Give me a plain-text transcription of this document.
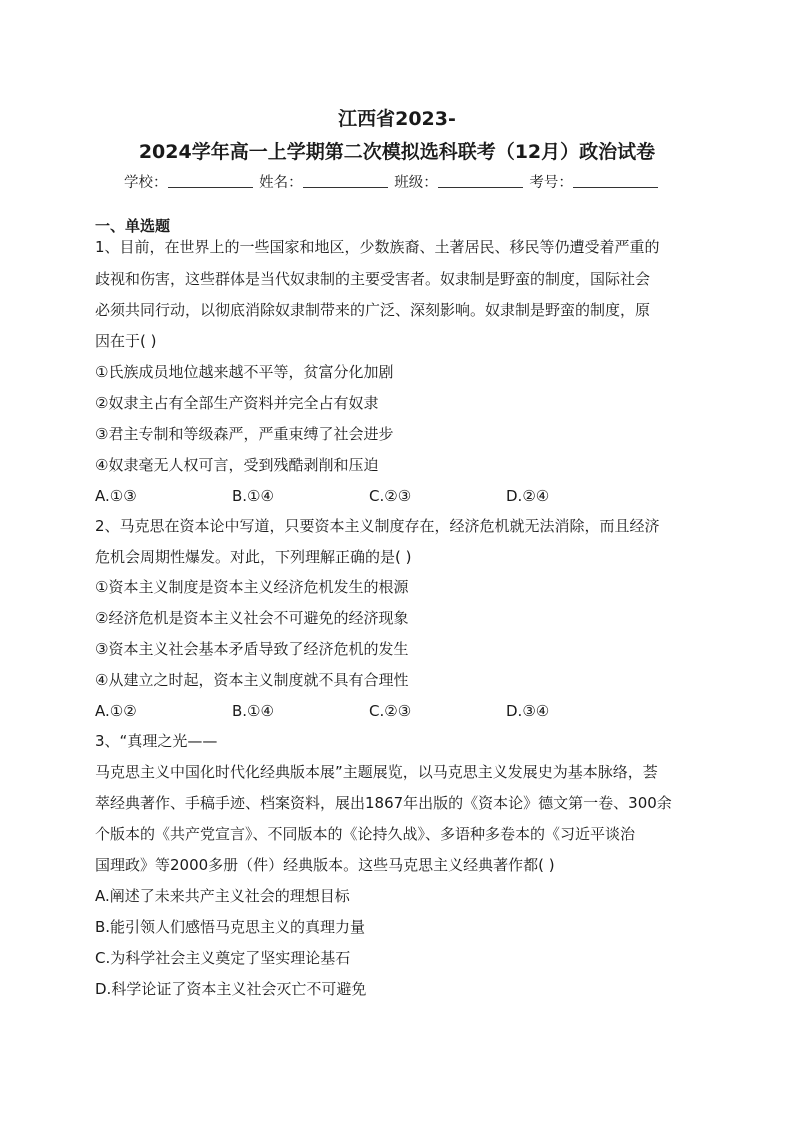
江西省2023-
2024学年高一上学期第二次模拟选科联考（12月）政治试卷
学校：	姓名：	班级：	考号：
一、单选题
1、目前，在世界上的一些国家和地区，少数族裔、土著居民、移民等仍遭受着严重的
歧视和伤害，这些群体是当代奴隶制的主要受害者。奴隶制是野蛮的制度，国际社会
必须共同行动，以彻底消除奴隶制带来的广泛、深刻影响。奴隶制是野蛮的制度，原
因在于( )
①氏族成员地位越来越不平等，贫富分化加剧
②奴隶主占有全部生产资料并完全占有奴隶
③君主专制和等级森严，严重束缚了社会进步
④奴隶毫无人权可言，受到残酷剥削和压迫
A.①③	B.①④	C.②③	D.②④
2、马克思在资本论中写道，只要资本主义制度存在，经济危机就无法消除，而且经济
危机会周期性爆发。对此，下列理解正确的是( )
①资本主义制度是资本主义经济危机发生的根源
②经济危机是资本主义社会不可避免的经济现象
③资本主义社会基本矛盾导致了经济危机的发生
④从建立之时起，资本主义制度就不具有合理性
A.①②	B.①④	C.②③	D.③④
3、“真理之光——
马克思主义中国化时代化经典版本展”主题展览，以马克思主义发展史为基本脉络，荟
萃经典著作、手稿手迹、档案资料，展出1867年出版的《资本论》德文第一卷、300余
个版本的《共产党宣言》、不同版本的《论持久战》、多语种多卷本的《习近平谈治
国理政》等2000多册（件）经典版本。这些马克思主义经典著作都( )
A.阐述了未来共产主义社会的理想目标
B.能引领人们感悟马克思主义的真理力量
C.为科学社会主义奠定了坚实理论基石
D.科学论证了资本主义社会灭亡不可避免
